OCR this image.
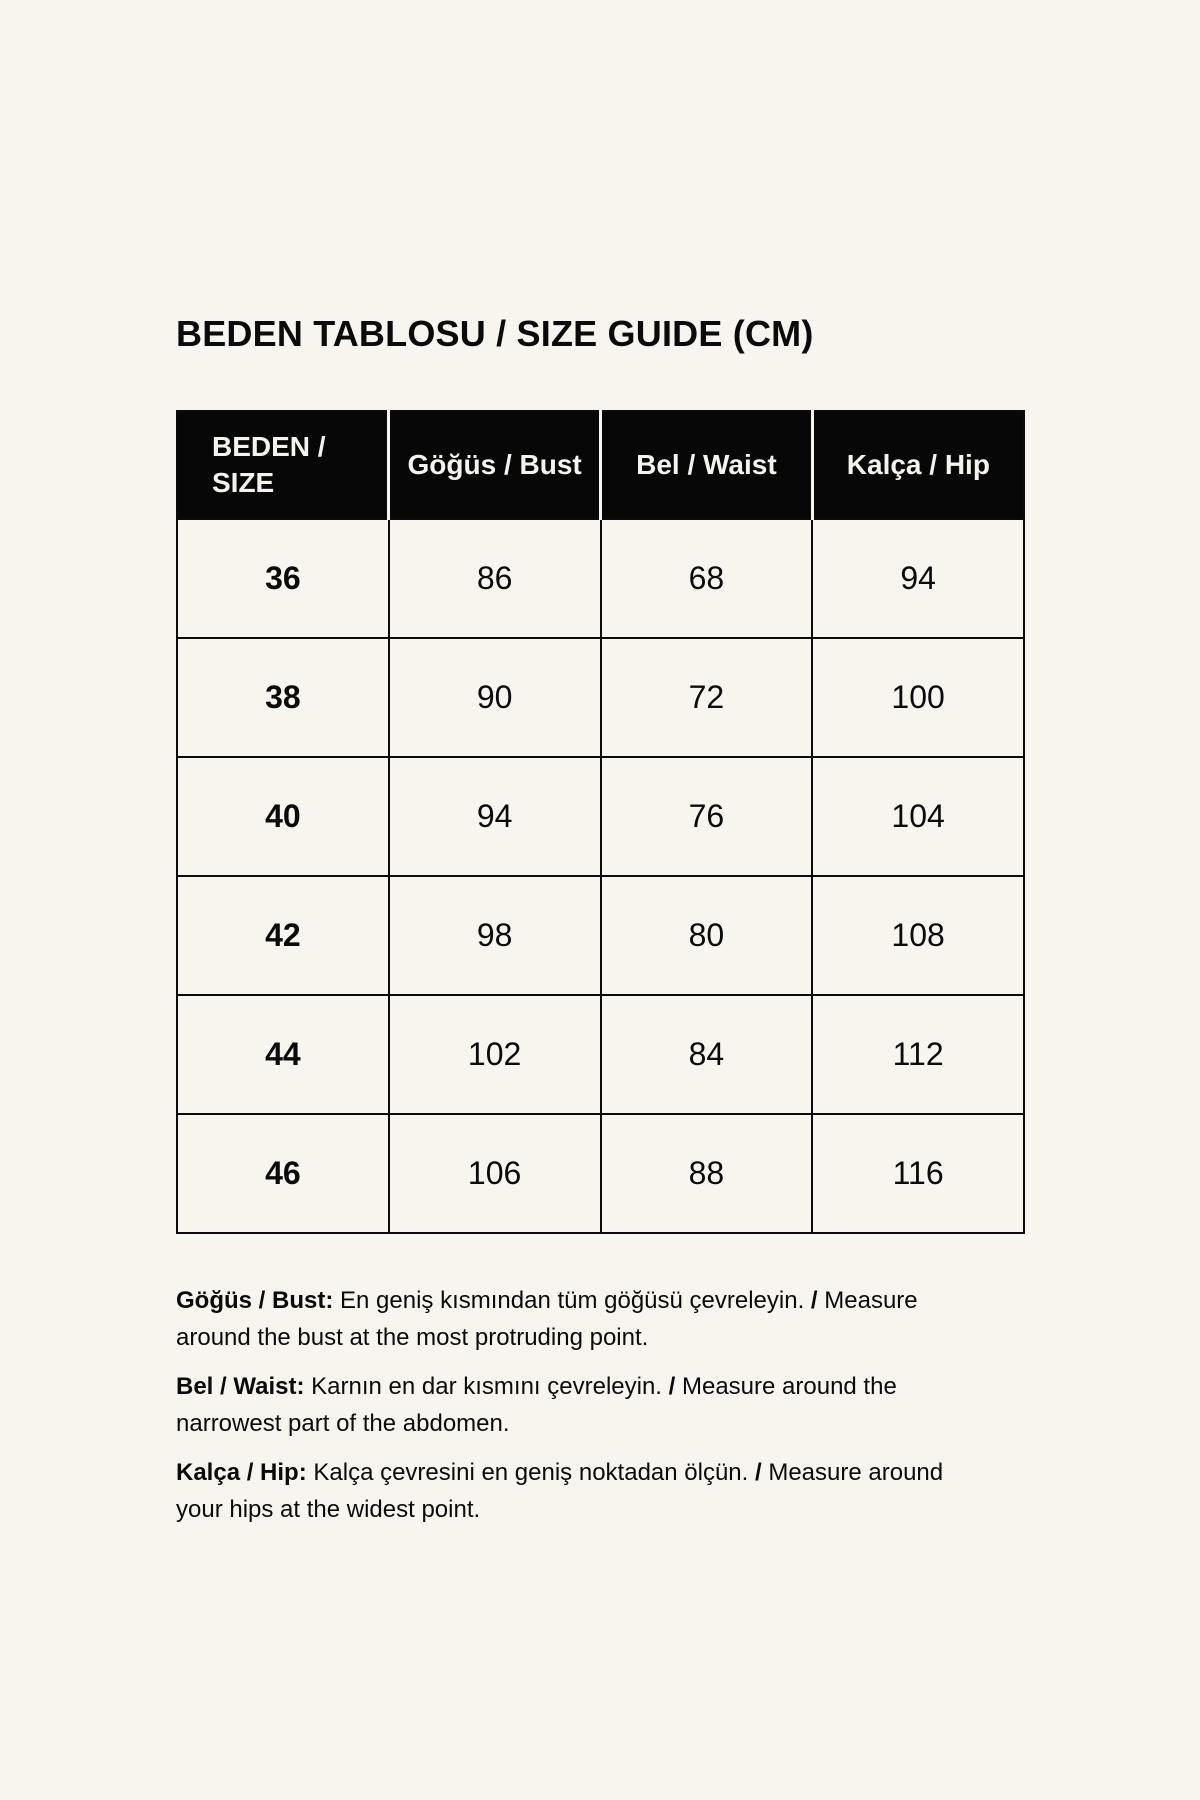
BEDEN TABLOSU / SIZE GUIDE (CM)
BEDEN /
SIZE	Göğüs / Bust	Bel / Waist	Kalça / Hip
36	86	68	94
38	90	72	100
40	94	76	104
42	98	80	108
44	102	84	112
46	106	88	116

Göğüs / Bust: En geniş kısmından tüm göğüsü çevreleyin. / Measure around the bust at the most protruding point.

Bel / Waist: Karnın en dar kısmını çevreleyin. / Measure around the narrowest part of the abdomen.

Kalça / Hip: Kalça çevresini en geniş noktadan ölçün. / Measure around your hips at the widest point.
